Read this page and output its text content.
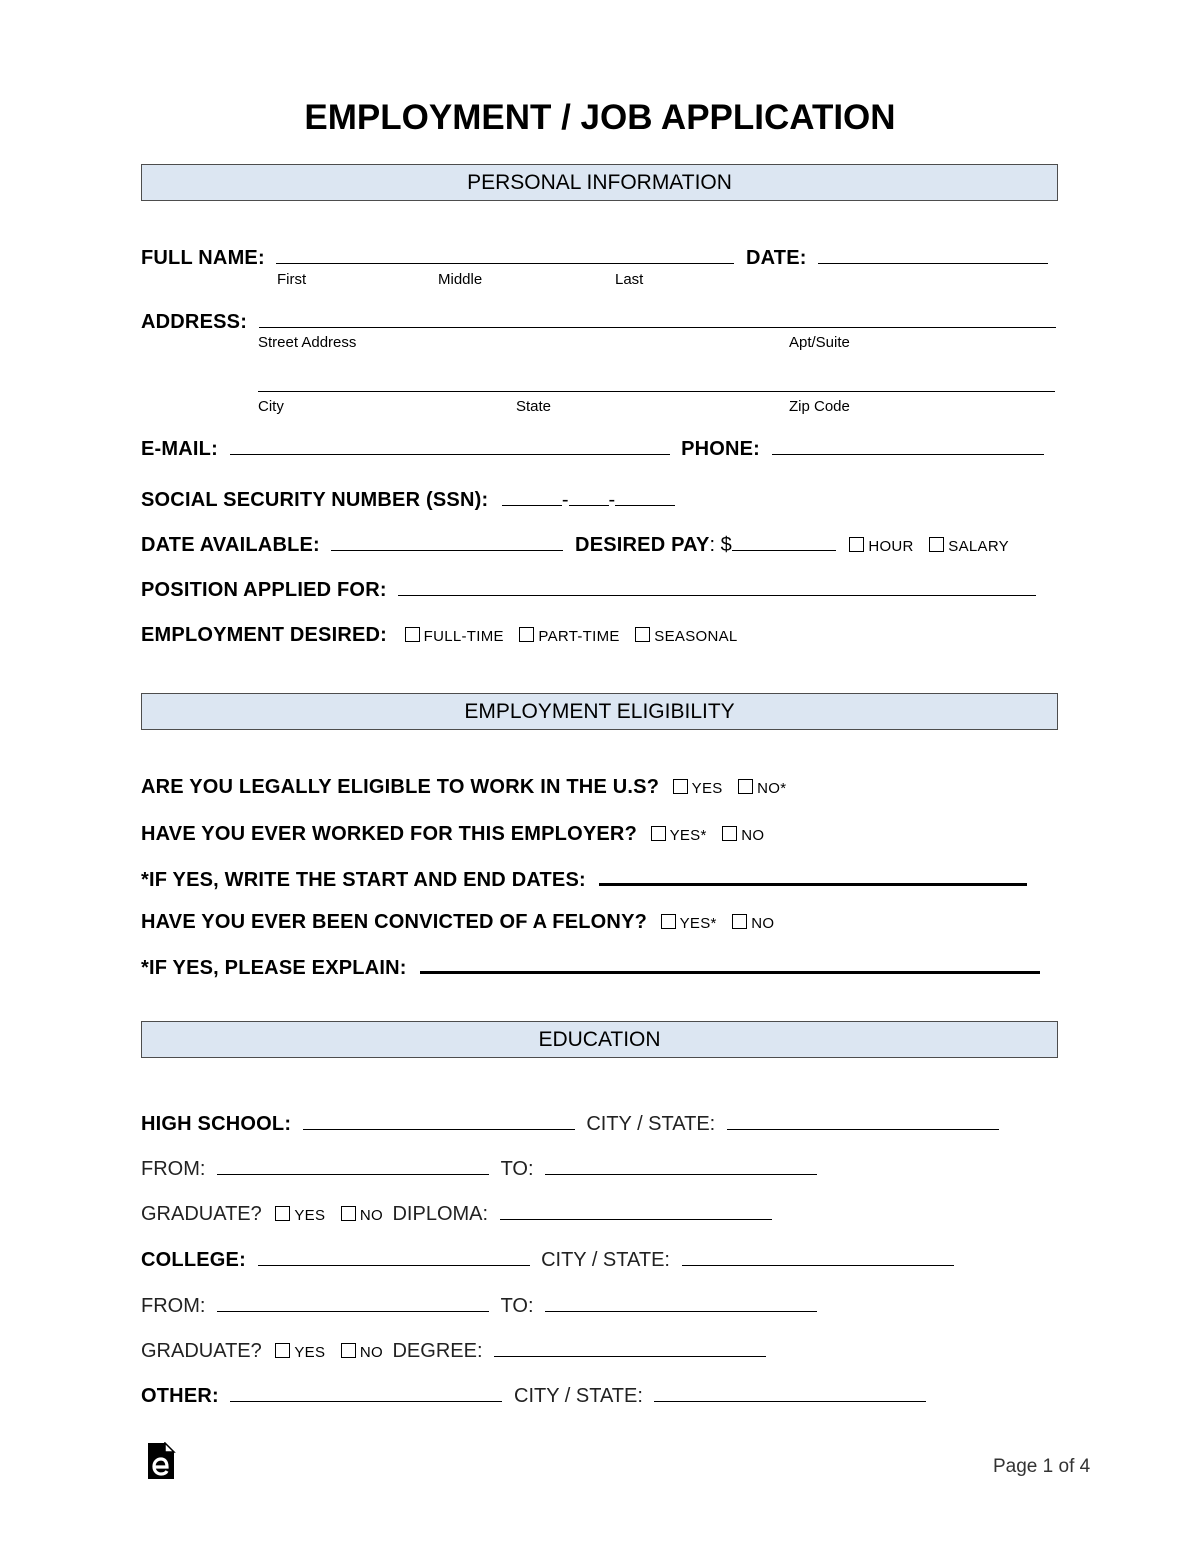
EMPLOYMENT / JOB APPLICATION
PERSONAL INFORMATION
FULL NAME:	DATE:
First	Middle	Last
ADDRESS:
Street Address	Apt/Suite
City	State	Zip Code
E-MAIL:	PHONE:
SOCIAL SECURITY NUMBER (SSN):	- -
DATE AVAILABLE:	DESIRED PAY: $	HOUR SALARY
POSITION APPLIED FOR:
EMPLOYMENT DESIRED: FULL-TIME PART-TIME SEASONAL
EMPLOYMENT ELIGIBILITY
ARE YOU LEGALLY ELIGIBLE TO WORK IN THE U.S? YES NO*
HAVE YOU EVER WORKED FOR THIS EMPLOYER? YES* NO
*IF YES, WRITE THE START AND END DATES:
HAVE YOU EVER BEEN CONVICTED OF A FELONY? YES* NO
*IF YES, PLEASE EXPLAIN:
EDUCATION
HIGH SCHOOL:	CITY / STATE:
FROM:	TO:
GRADUATE? YES NO DIPLOMA:
COLLEGE:	CITY / STATE:
FROM:	TO:
GRADUATE? YES NO DEGREE:
OTHER:	CITY / STATE:
Page 1 of 4
